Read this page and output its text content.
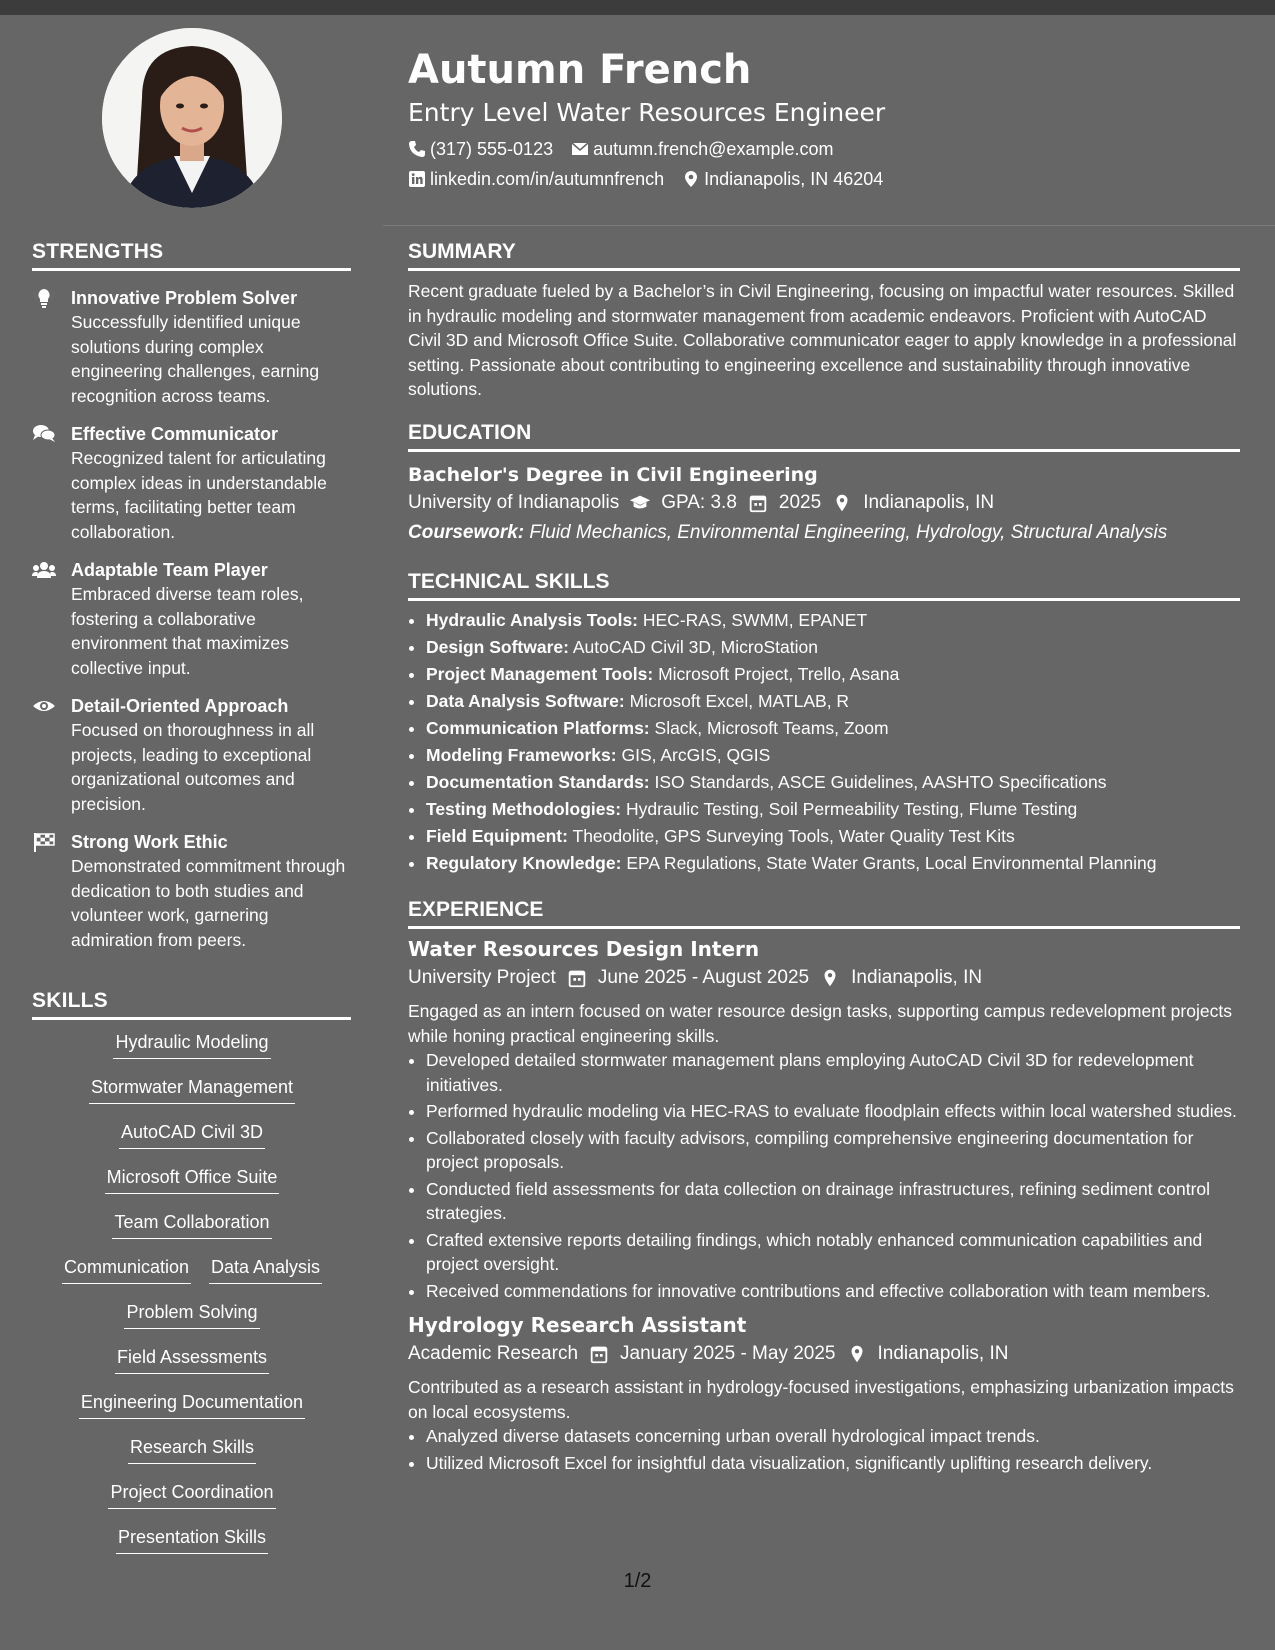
STRENGTHS
Innovative Problem Solver
Successfully identified unique solutions during complex engineering challenges, earning recognition across teams.
Effective Communicator
Recognized talent for articulating complex ideas in understandable terms, facilitating better team collaboration.
Adaptable Team Player
Embraced diverse team roles, fostering a collaborative environment that maximizes collective input.
Detail-Oriented Approach
Focused on thoroughness in all projects, leading to exceptional organizational outcomes and precision.
Strong Work Ethic
Demonstrated commitment through dedication to both studies and volunteer work, garnering admiration from peers.
SKILLS
Hydraulic Modeling
Stormwater Management
AutoCAD Civil 3D
Microsoft Office Suite
Team Collaboration
Communication Data Analysis
Problem Solving
Field Assessments
Engineering Documentation
Research Skills
Project Coordination
Presentation Skills
Autumn French
Entry Level Water Resources Engineer
(317) 555-0123 autumn.french@example.com
linkedin.com/in/autumnfrench Indianapolis, IN 46204
SUMMARY
Recent graduate fueled by a Bachelor’s in Civil Engineering, focusing on impactful water resources. Skilled in hydraulic modeling and stormwater management from academic endeavors. Proficient with AutoCAD Civil 3D and Microsoft Office Suite. Collaborative communicator eager to apply knowledge in a professional setting. Passionate about contributing to engineering excellence and sustainability through innovative solutions.
EDUCATION
Bachelor's Degree in Civil Engineering
University of Indianapolis GPA: 3.8 2025 Indianapolis, IN
Coursework: Fluid Mechanics, Environmental Engineering, Hydrology, Structural Analysis
TECHNICAL SKILLS
• Hydraulic Analysis Tools: HEC-RAS, SWMM, EPANET
• Design Software: AutoCAD Civil 3D, MicroStation
• Project Management Tools: Microsoft Project, Trello, Asana
• Data Analysis Software: Microsoft Excel, MATLAB, R
• Communication Platforms: Slack, Microsoft Teams, Zoom
• Modeling Frameworks: GIS, ArcGIS, QGIS
• Documentation Standards: ISO Standards, ASCE Guidelines, AASHTO Specifications
• Testing Methodologies: Hydraulic Testing, Soil Permeability Testing, Flume Testing
• Field Equipment: Theodolite, GPS Surveying Tools, Water Quality Test Kits
• Regulatory Knowledge: EPA Regulations, State Water Grants, Local Environmental Planning
EXPERIENCE
Water Resources Design Intern
University Project June 2025 - August 2025 Indianapolis, IN
Engaged as an intern focused on water resource design tasks, supporting campus redevelopment projects while honing practical engineering skills.
• Developed detailed stormwater management plans employing AutoCAD Civil 3D for redevelopment initiatives.
• Performed hydraulic modeling via HEC-RAS to evaluate floodplain effects within local watershed studies.
• Collaborated closely with faculty advisors, compiling comprehensive engineering documentation for project proposals.
• Conducted field assessments for data collection on drainage infrastructures, refining sediment control strategies.
• Crafted extensive reports detailing findings, which notably enhanced communication capabilities and project oversight.
• Received commendations for innovative contributions and effective collaboration with team members.
Hydrology Research Assistant
Academic Research January 2025 - May 2025 Indianapolis, IN
Contributed as a research assistant in hydrology-focused investigations, emphasizing urbanization impacts on local ecosystems.
• Analyzed diverse datasets concerning urban overall hydrological impact trends.
• Utilized Microsoft Excel for insightful data visualization, significantly uplifting research delivery.
1/2
